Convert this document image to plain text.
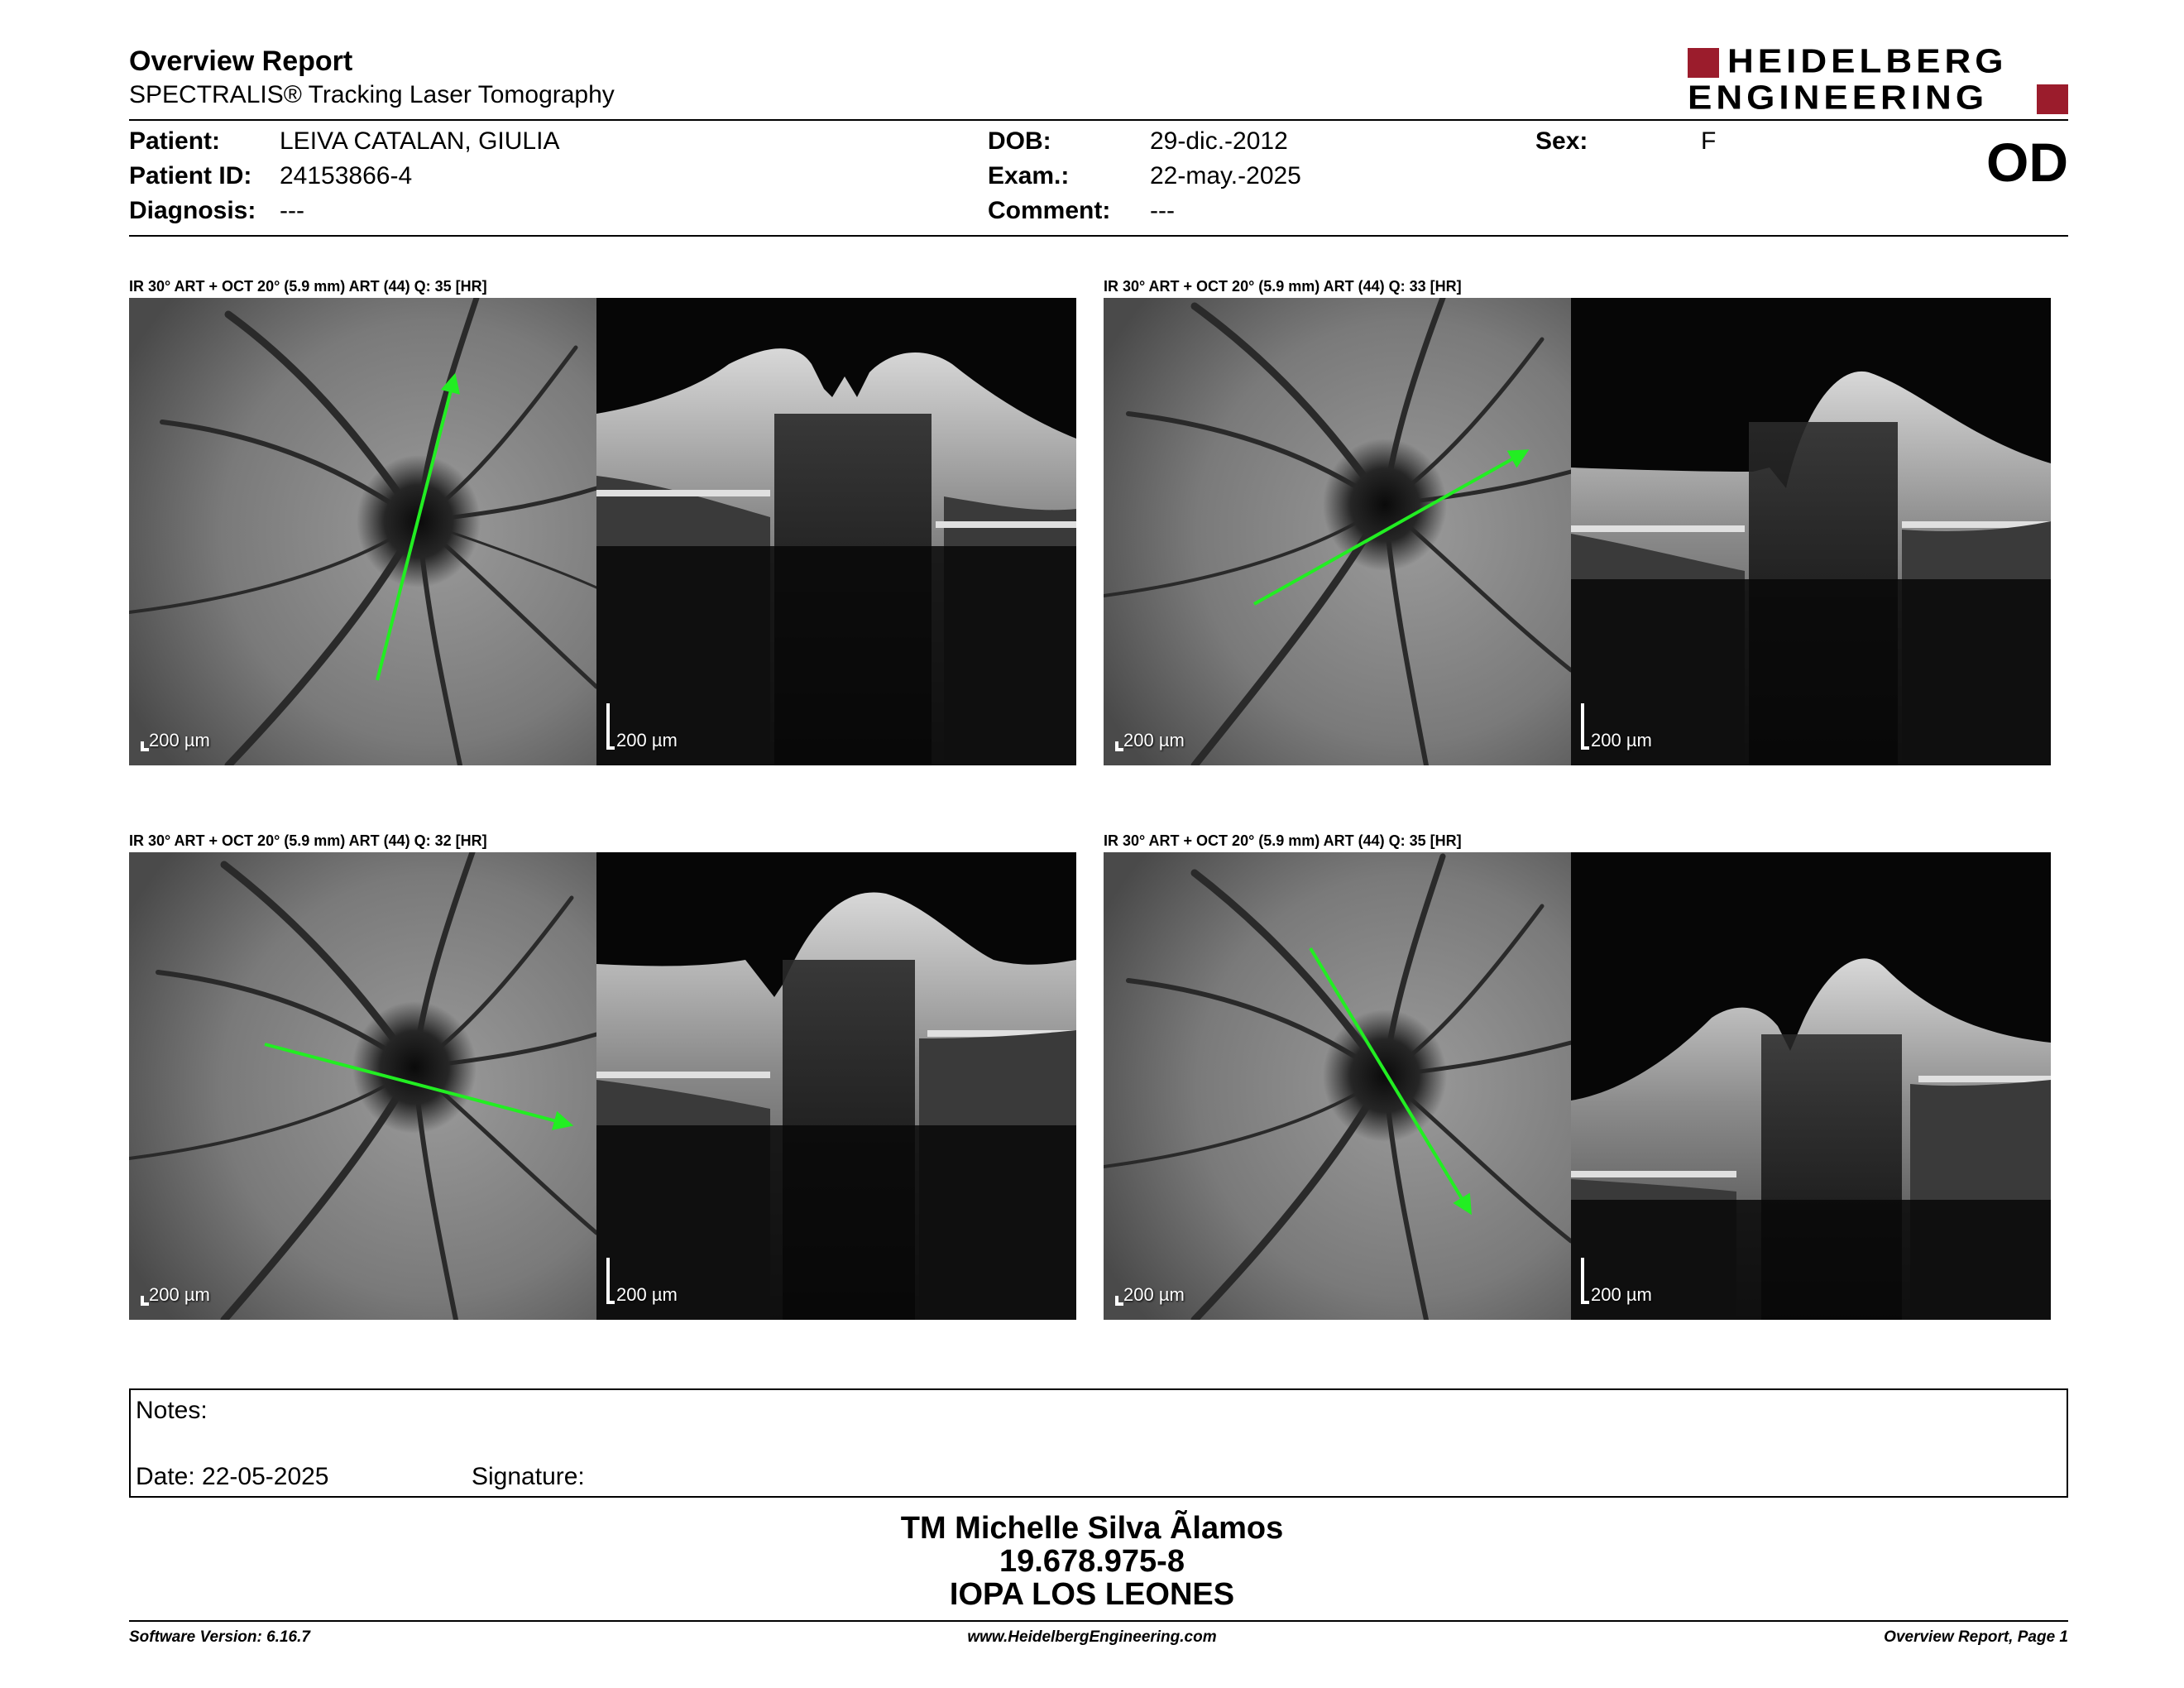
Overview Report
SPECTRALIS® Tracking Laser Tomography
HEIDELBERG
ENGINEERING
Patient: LEIVA CATALAN, GIULIA
Patient ID: 24153866-4
Diagnosis: ---
DOB:	29-dic.-2012
Exam.:	22-may.-2025
Comment: ---
Sex:	F	OD
IR 30° ART + OCT 20° (5.9 mm) ART (44) Q: 35 [HR]
200 µm	200 µm
IR 30° ART + OCT 20° (5.9 mm) ART (44) Q: 33 [HR]
200 µm	200 µm
IR 30° ART + OCT 20° (5.9 mm) ART (44) Q: 32 [HR]
200 µm	200 µm
IR 30° ART + OCT 20° (5.9 mm) ART (44) Q: 35 [HR]
200 µm	200 µm
Notes:
Date: 22-05-2025	Signature:
TM Michelle Silva Ãlamos
19.678.975-8
IOPA LOS LEONES
Software Version: 6.16.7	www.HeidelbergEngineering.com	Overview Report, Page 1
